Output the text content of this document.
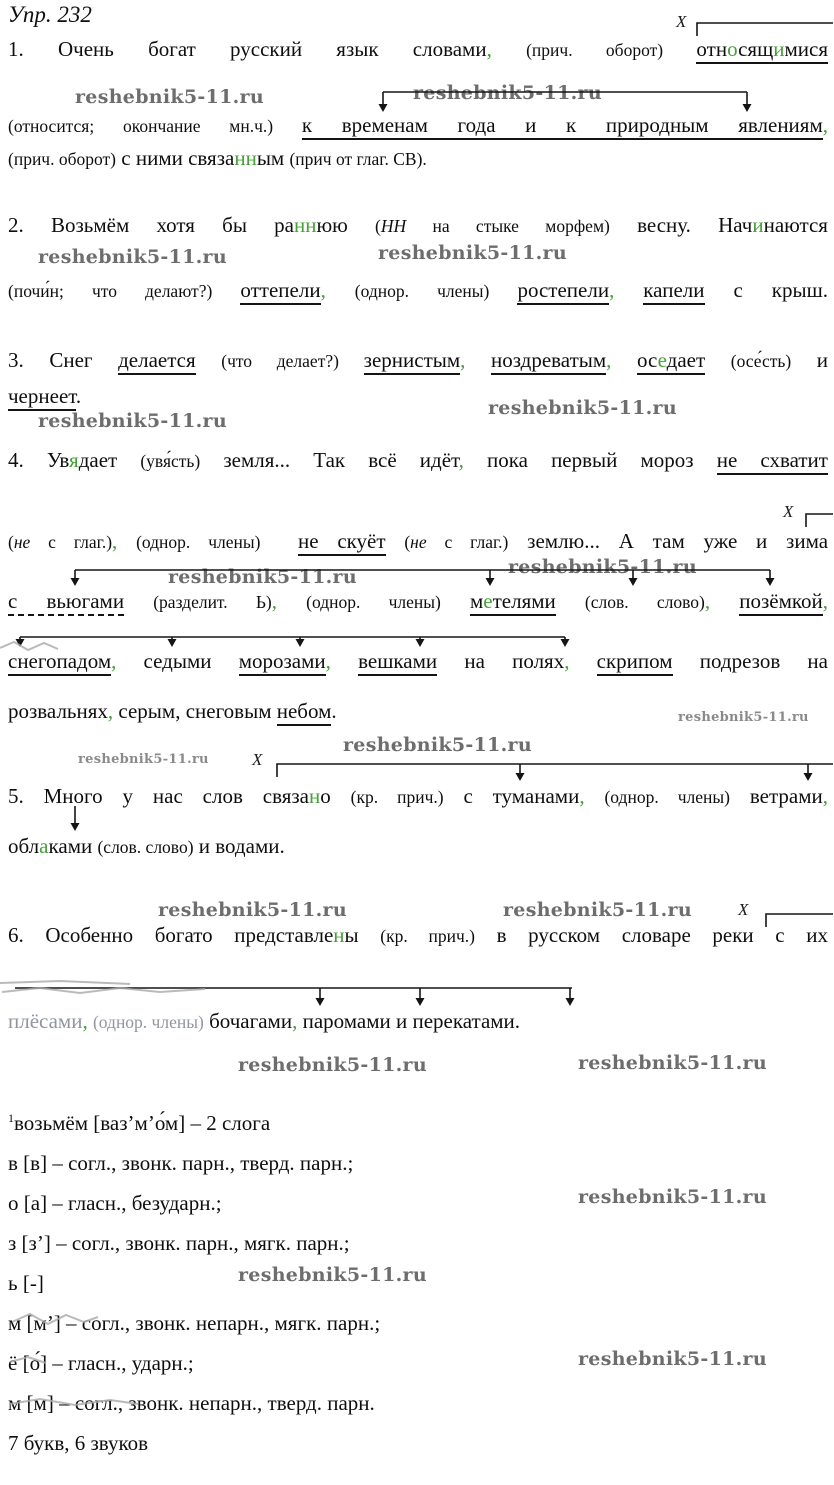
Упр. 232
1. Очень богат русский язык словами, (прич. оборот) относящимися
(относится; окончание мн.ч.) к временам года и к природным явлениям,
(прич. оборот) с ними связанным (прич от глаг. СВ).
2. Возьмём хотя бы раннюю (НН на стыке морфем) весну. Начинаются
(почи́н; что делают?) оттепели, (однор. члены) ростепели, капели с крыш.
3. Снег делается (что делает?) зернистым, ноздреватым, оседает (осе́сть) и
чернеет.
4. Увядает (увя́сть) земля... Так всё идёт, пока первый мороз не схватит
(не с глаг.), (однор. члены) не скуёт (не с глаг.) землю... А там уже и зима
с вьюгами (разделит. Ь), (однор. члены) метелями (слов. слово), позёмкой,
снегопадом, седыми морозами, вешками на полях, скрипом подрезов на
розвальнях, серым, снеговым небом.
5. Много у нас слов связано (кр. прич.) с туманами, (однор. члены) ветрами,
облаками (слов. слово) и водами.
6. Особенно богато представлены (кр. прич.) в русском словаре реки с их
плёсами, (однор. члены) бочагами, паромами и перекатами.
$^1$возьмём [ваз’м’о́м] – 2 слога
в [в] – согл., звонк. парн., тверд. парн.;
о [а] – гласн., безударн.;
з [з’] – согл., звонк. парн., мягк. парн.;
ь [-]
м [м’] – согл., звонк. непарн., мягк. парн.;
ё [о́] – гласн., ударн.;
м [м] – согл., звонк. непарн., тверд. парн.
7 букв, 6 звуков
reshebnik5-11.ru	reshebnik5-11.ru
reshebnik5-11.ru	reshebnik5-11.ru
reshebnik5-11.ru
reshebnik5-11.ru
reshebnik5-11.ru	reshebnik5-11.ru
reshebnik5-11.ru
reshebnik5-11.ru
reshebnik5-11.ru
reshebnik5-11.ru	reshebnik5-11.ru
reshebnik5-11.ru	reshebnik5-11.ru
reshebnik5-11.ru
reshebnik5-11.ru
reshebnik5-11.ru
Х
Х
Х
Х
